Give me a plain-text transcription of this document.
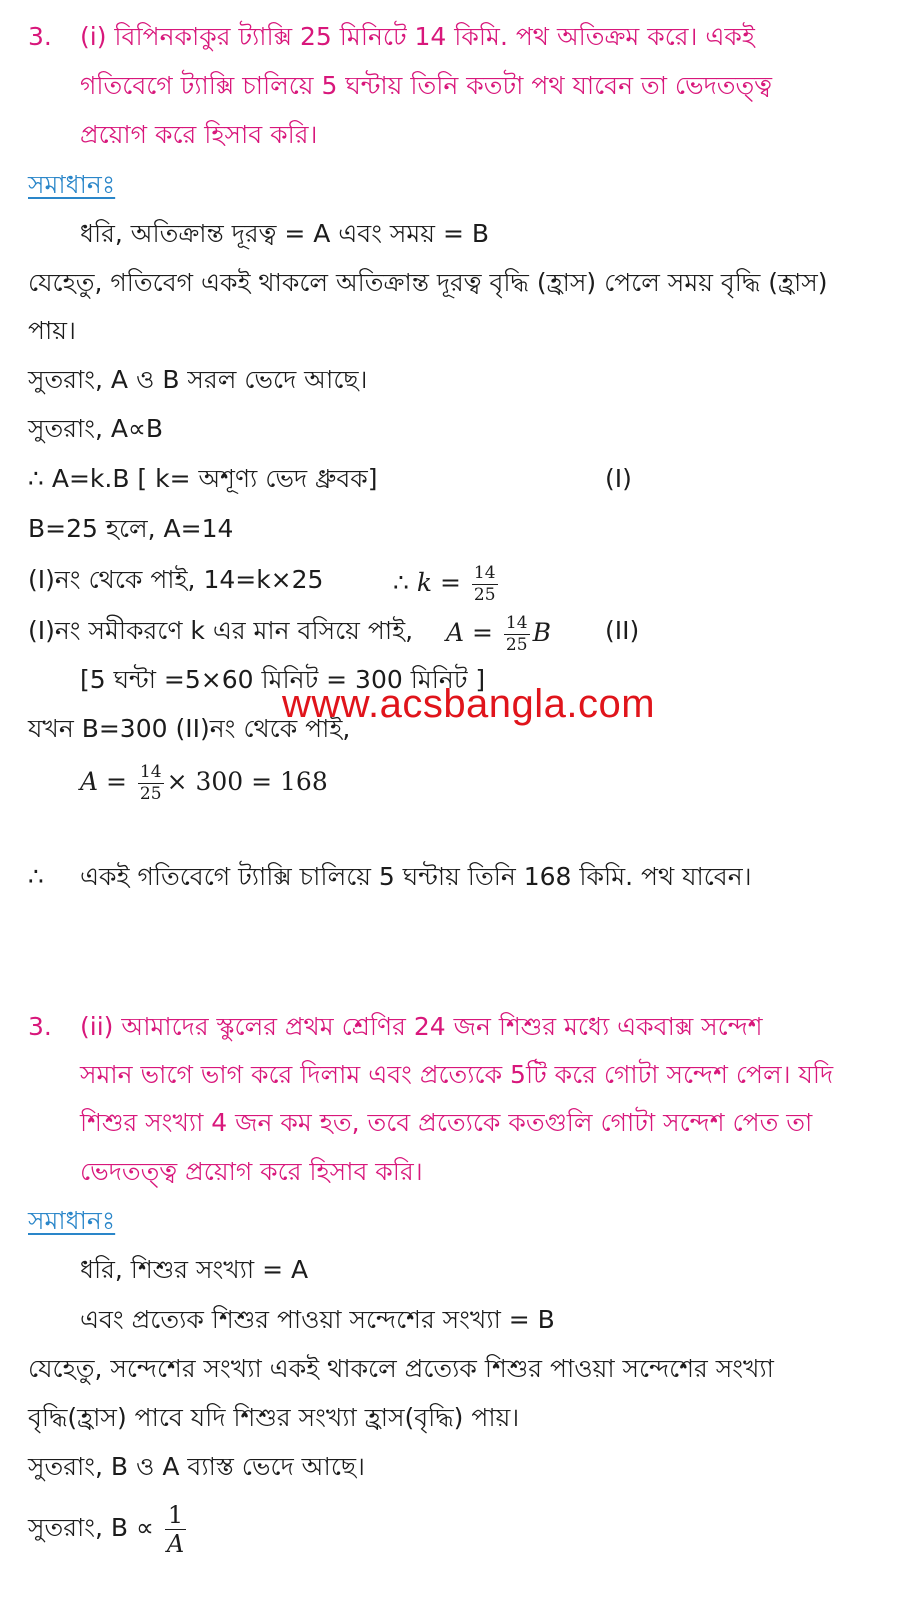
3. (i) বিপিনকাকুর ট্যাক্সি 25 মিনিটে 14 কিমি. পথ অতিক্রম করে। একই
গতিবেগে ট্যাক্সি চালিয়ে 5 ঘন্টায় তিনি কতটা পথ যাবেন তা ভেদতত্ত্ব
প্রয়োগ করে হিসাব করি।
সমাধানঃ
ধরি, অতিক্রান্ত দূরত্ব = A এবং সময় = B
যেহেতু, গতিবেগ একই থাকলে অতিক্রান্ত দূরত্ব বৃদ্ধি (হ্রাস) পেলে সময় বৃদ্ধি (হ্রাস)
পায়।
সুতরাং, A ও B সরল ভেদে আছে।
সুতরাং, A∝B
∴ A=k.B [ k= অশূণ্য ভেদ ধ্রুবক]	(I)
B=25 হলে, A=14
(I)নং থেকে পাই, 14=k×25	∴ $k = \frac{14}{25}$
(I)নং সমীকরণে k এর মান বসিয়ে পাই, $A = \frac{14}{25}$ B (II)
[5 ঘন্টা =5×60 মিনিট = 300 মিনিট ]
যখন B=300 (II)নং থেকে পাই,
www.acsbangla.com
$A = \frac{14}{25} \times 300 = 168$
∴ একই গতিবেগে ট্যাক্সি চালিয়ে 5 ঘন্টায় তিনি 168 কিমি. পথ যাবেন।
3. (ii) আমাদের স্কুলের প্রথম শ্রেণির 24 জন শিশুর মধ্যে একবাক্স সন্দেশ
সমান ভাগে ভাগ করে দিলাম এবং প্রত্যেকে 5টি করে গোটা সন্দেশ পেল। যদি
শিশুর সংখ্যা 4 জন কম হত, তবে প্রত্যেকে কতগুলি গোটা সন্দেশ পেত তা
ভেদতত্ত্ব প্রয়োগ করে হিসাব করি।
সমাধানঃ
ধরি, শিশুর সংখ্যা = A
এবং প্রত্যেক শিশুর পাওয়া সন্দেশের সংখ্যা = B
যেহেতু, সন্দেশের সংখ্যা একই থাকলে প্রত্যেক শিশুর পাওয়া সন্দেশের সংখ্যা
বৃদ্ধি(হ্রাস) পাবে যদি শিশুর সংখ্যা হ্রাস(বৃদ্ধি) পায়।
সুতরাং, B ও A ব্যাস্ত ভেদে আছে।
সুতরাং, $B \propto \frac{1}{A}$
